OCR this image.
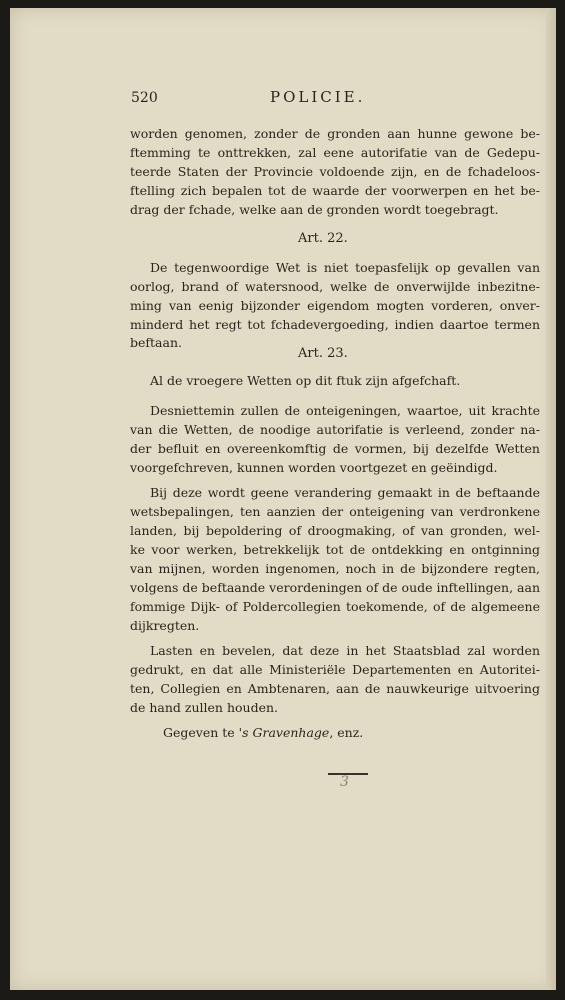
520	POLICIE.
worden genomen, zonder de gronden aan hunne gewone be-
ftemming te onttrekken, zal eene autorifatie van de Gedepu-
teerde Staten der Provincie voldoende zijn, en de fchadeloos-
ftelling zich bepalen tot de waarde der voorwerpen en het be-
drag der fchade, welke aan de gronden wordt toegebragt.
Art. 22.
De tegenwoordige Wet is niet toepasfelijk op gevallen van
oorlog, brand of watersnood, welke de onverwijlde inbezitne-
ming van eenig bijzonder eigendom mogten vorderen, onver-
minderd het regt tot fchadevergoeding, indien daartoe termen
beftaan.
Art. 23.
Al de vroegere Wetten op dit ftuk zijn afgefchaft.
Desniettemin zullen de onteigeningen, waartoe, uit krachte
van die Wetten, de noodige autorifatie is verleend, zonder na-
der befluit en overeenkomftig de vormen, bij dezelfde Wetten
voorgefchreven, kunnen worden voortgezet en geëindigd.
Bij deze wordt geene verandering gemaakt in de beftaande
wetsbepalingen, ten aanzien der onteigening van verdronkene
landen, bij bepoldering of droogmaking, of van gronden, wel-
ke voor werken, betrekkelijk tot de ontdekking en ontginning
van mijnen, worden ingenomen, noch in de bijzondere regten,
volgens de beftaande verordeningen of de oude inftellingen, aan
fommige Dijk- of Poldercollegien toekomende, of de algemeene
dijkregten.
Lasten en bevelen, dat deze in het Staatsblad zal worden
gedrukt, en dat alle Ministeriële Departementen en Autoritei-
ten, Collegien en Ambtenaren, aan de nauwkeurige uitvoering
de hand zullen houden.
Gegeven te 's Gravenhage, enz.
3
